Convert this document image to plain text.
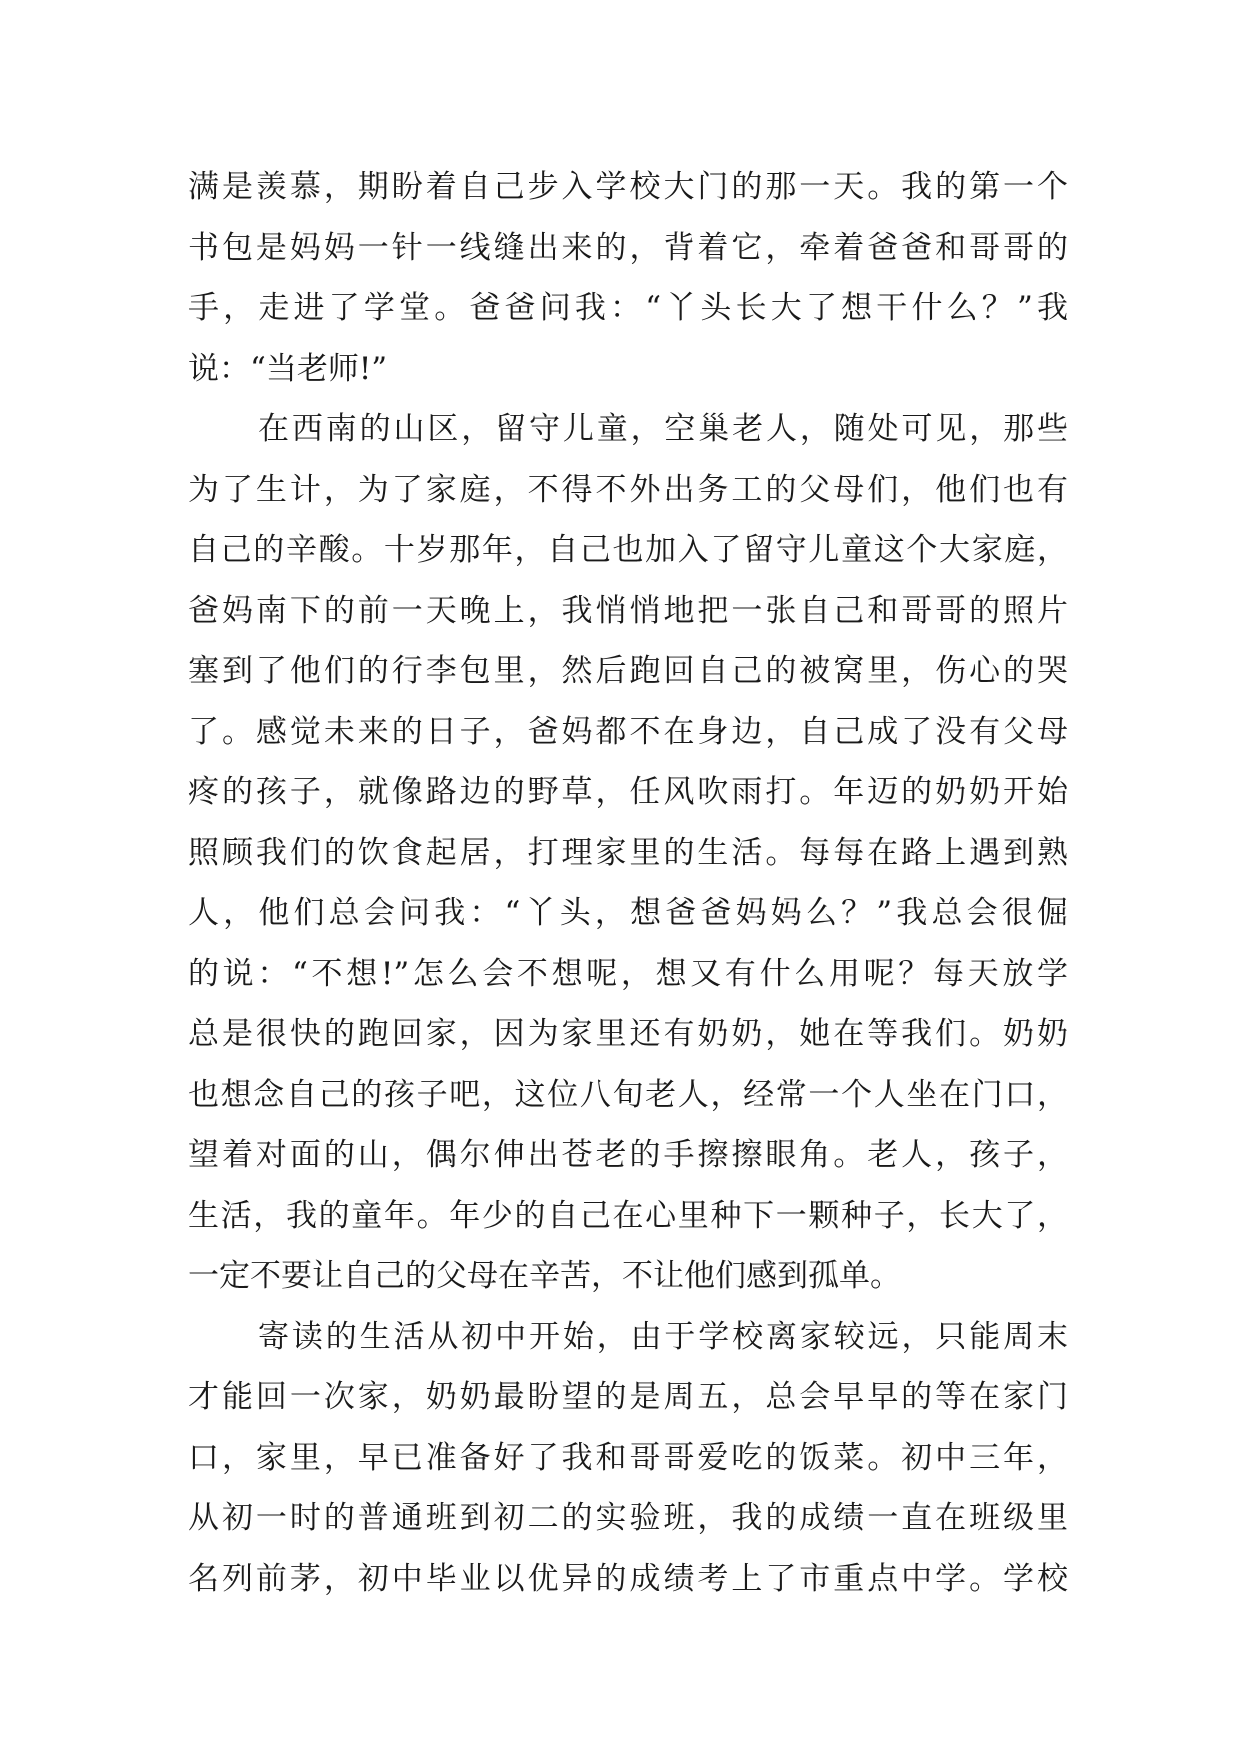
满是羡慕，期盼着自己步入学校大门的那一天。我的第一个
书包是妈妈一针一线缝出来的，背着它，牵着爸爸和哥哥的
手，走进了学堂。爸爸问我：“丫头长大了想干什么？”我
说：“当老师!”
在西南的山区，留守儿童，空巢老人，随处可见，那些
为了生计，为了家庭，不得不外出务工的父母们，他们也有
自己的辛酸。十岁那年，自己也加入了留守儿童这个大家庭，
爸妈南下的前一天晚上，我悄悄地把一张自己和哥哥的照片
塞到了他们的行李包里，然后跑回自己的被窝里，伤心的哭
了。感觉未来的日子，爸妈都不在身边，自己成了没有父母
疼的孩子，就像路边的野草，任风吹雨打。年迈的奶奶开始
照顾我们的饮食起居，打理家里的生活。每每在路上遇到熟
人，他们总会问我：“丫头，想爸爸妈妈么？”我总会很倔
的说：“不想!”怎么会不想呢，想又有什么用呢？每天放学
总是很快的跑回家，因为家里还有奶奶，她在等我们。奶奶
也想念自己的孩子吧，这位八旬老人，经常一个人坐在门口，
望着对面的山，偶尔伸出苍老的手擦擦眼角。老人，孩子，
生活，我的童年。年少的自己在心里种下一颗种子，长大了，
一定不要让自己的父母在辛苦，不让他们感到孤单。
寄读的生活从初中开始，由于学校离家较远，只能周末
才能回一次家，奶奶最盼望的是周五，总会早早的等在家门
口，家里，早已准备好了我和哥哥爱吃的饭菜。初中三年，
从初一时的普通班到初二的实验班，我的成绩一直在班级里
名列前茅，初中毕业以优异的成绩考上了市重点中学。学校
